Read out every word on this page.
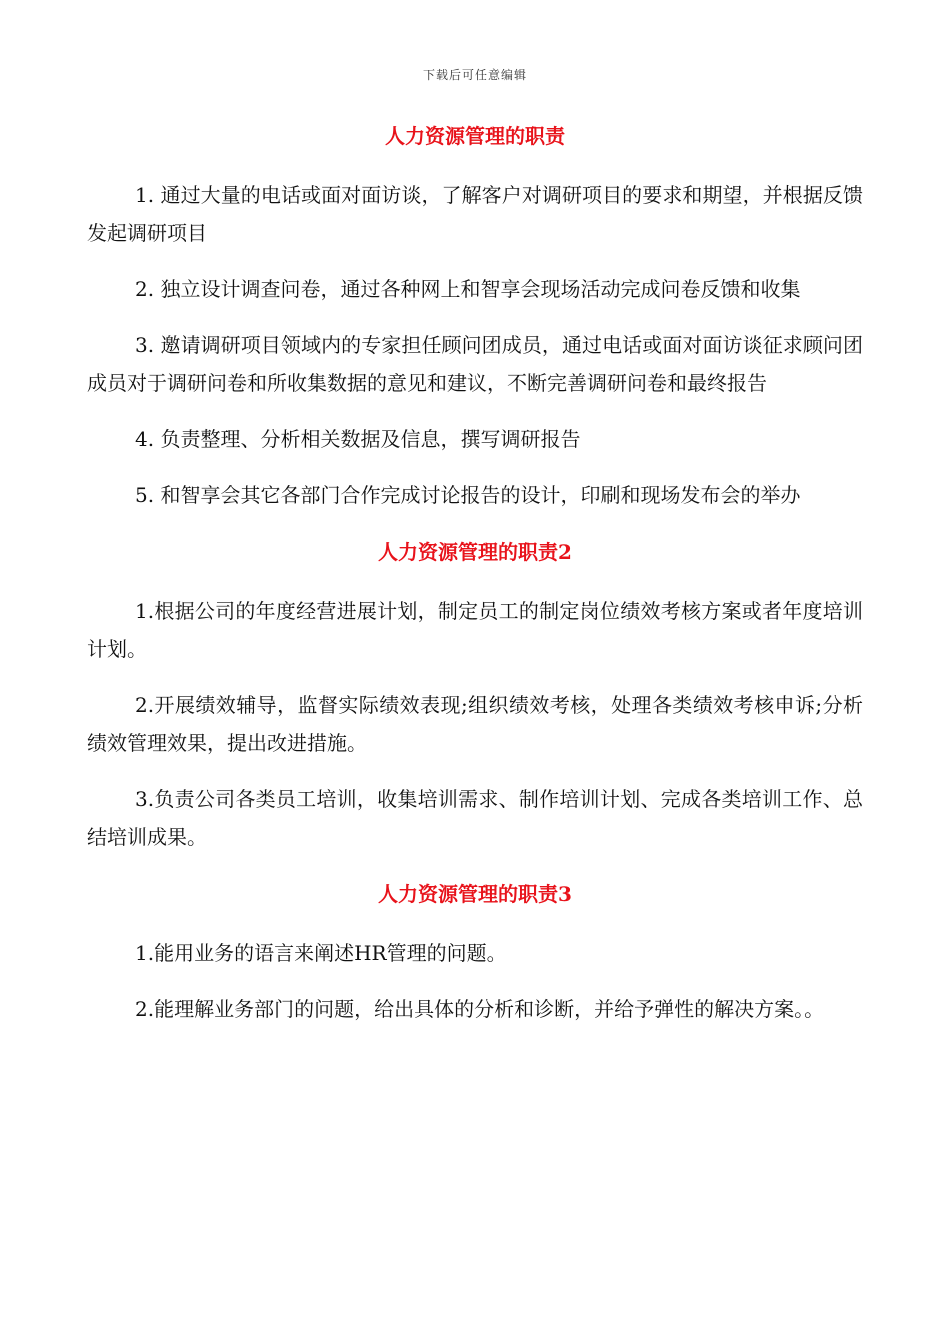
下载后可任意编辑
人力资源管理的职责

1. 通过大量的电话或面对面访谈，了解客户对调研项目的要求和期望，并根据反馈发起调研项目

2. 独立设计调查问卷，通过各种网上和智享会现场活动完成问卷反馈和收集

3. 邀请调研项目领域内的专家担任顾问团成员，通过电话或面对面访谈征求顾问团成员对于调研问卷和所收集数据的意见和建议，不断完善调研问卷和最终报告

4. 负责整理、分析相关数据及信息，撰写调研报告

5. 和智享会其它各部门合作完成讨论报告的设计，印刷和现场发布会的举办

人力资源管理的职责2

1.根据公司的年度经营进展计划，制定员工的制定岗位绩效考核方案或者年度培训计划。

2.开展绩效辅导，监督实际绩效表现;组织绩效考核，处理各类绩效考核申诉;分析绩效管理效果，提出改进措施。

3.负责公司各类员工培训，收集培训需求、制作培训计划、完成各类培训工作、总结培训成果。

人力资源管理的职责3

1.能用业务的语言来阐述HR管理的问题。

2.能理解业务部门的问题，给出具体的分析和诊断，并给予弹性的解决方案。。
